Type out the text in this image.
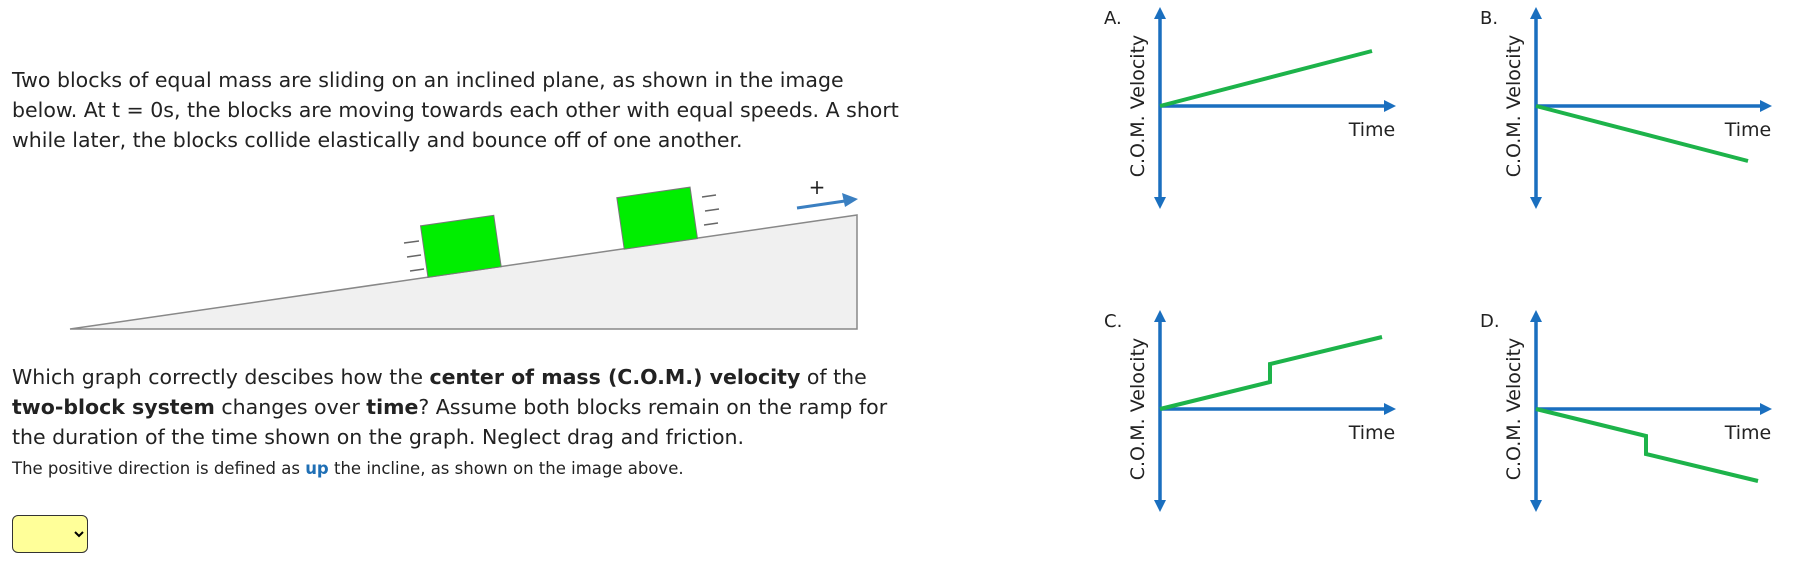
Two blocks of equal mass are sliding on an inclined plane, as shown in the image below. At t = 0s, the blocks are moving towards each other with equal speeds. A short while later, the blocks collide elastically and bounce off of one another.
+
Which graph correctly descibes how the center of mass (C.O.M.) velocity of the two-block system changes over time? Assume both blocks remain on the ramp for the duration of the time shown on the graph. Neglect drag and friction.
The positive direction is defined as up the incline, as shown on the image above.
A.
Time
C.O.M. Velocity
B.
Time
C.O.M. Velocity
C.
Time
C.O.M. Velocity
D.
Time
C.O.M. Velocity
